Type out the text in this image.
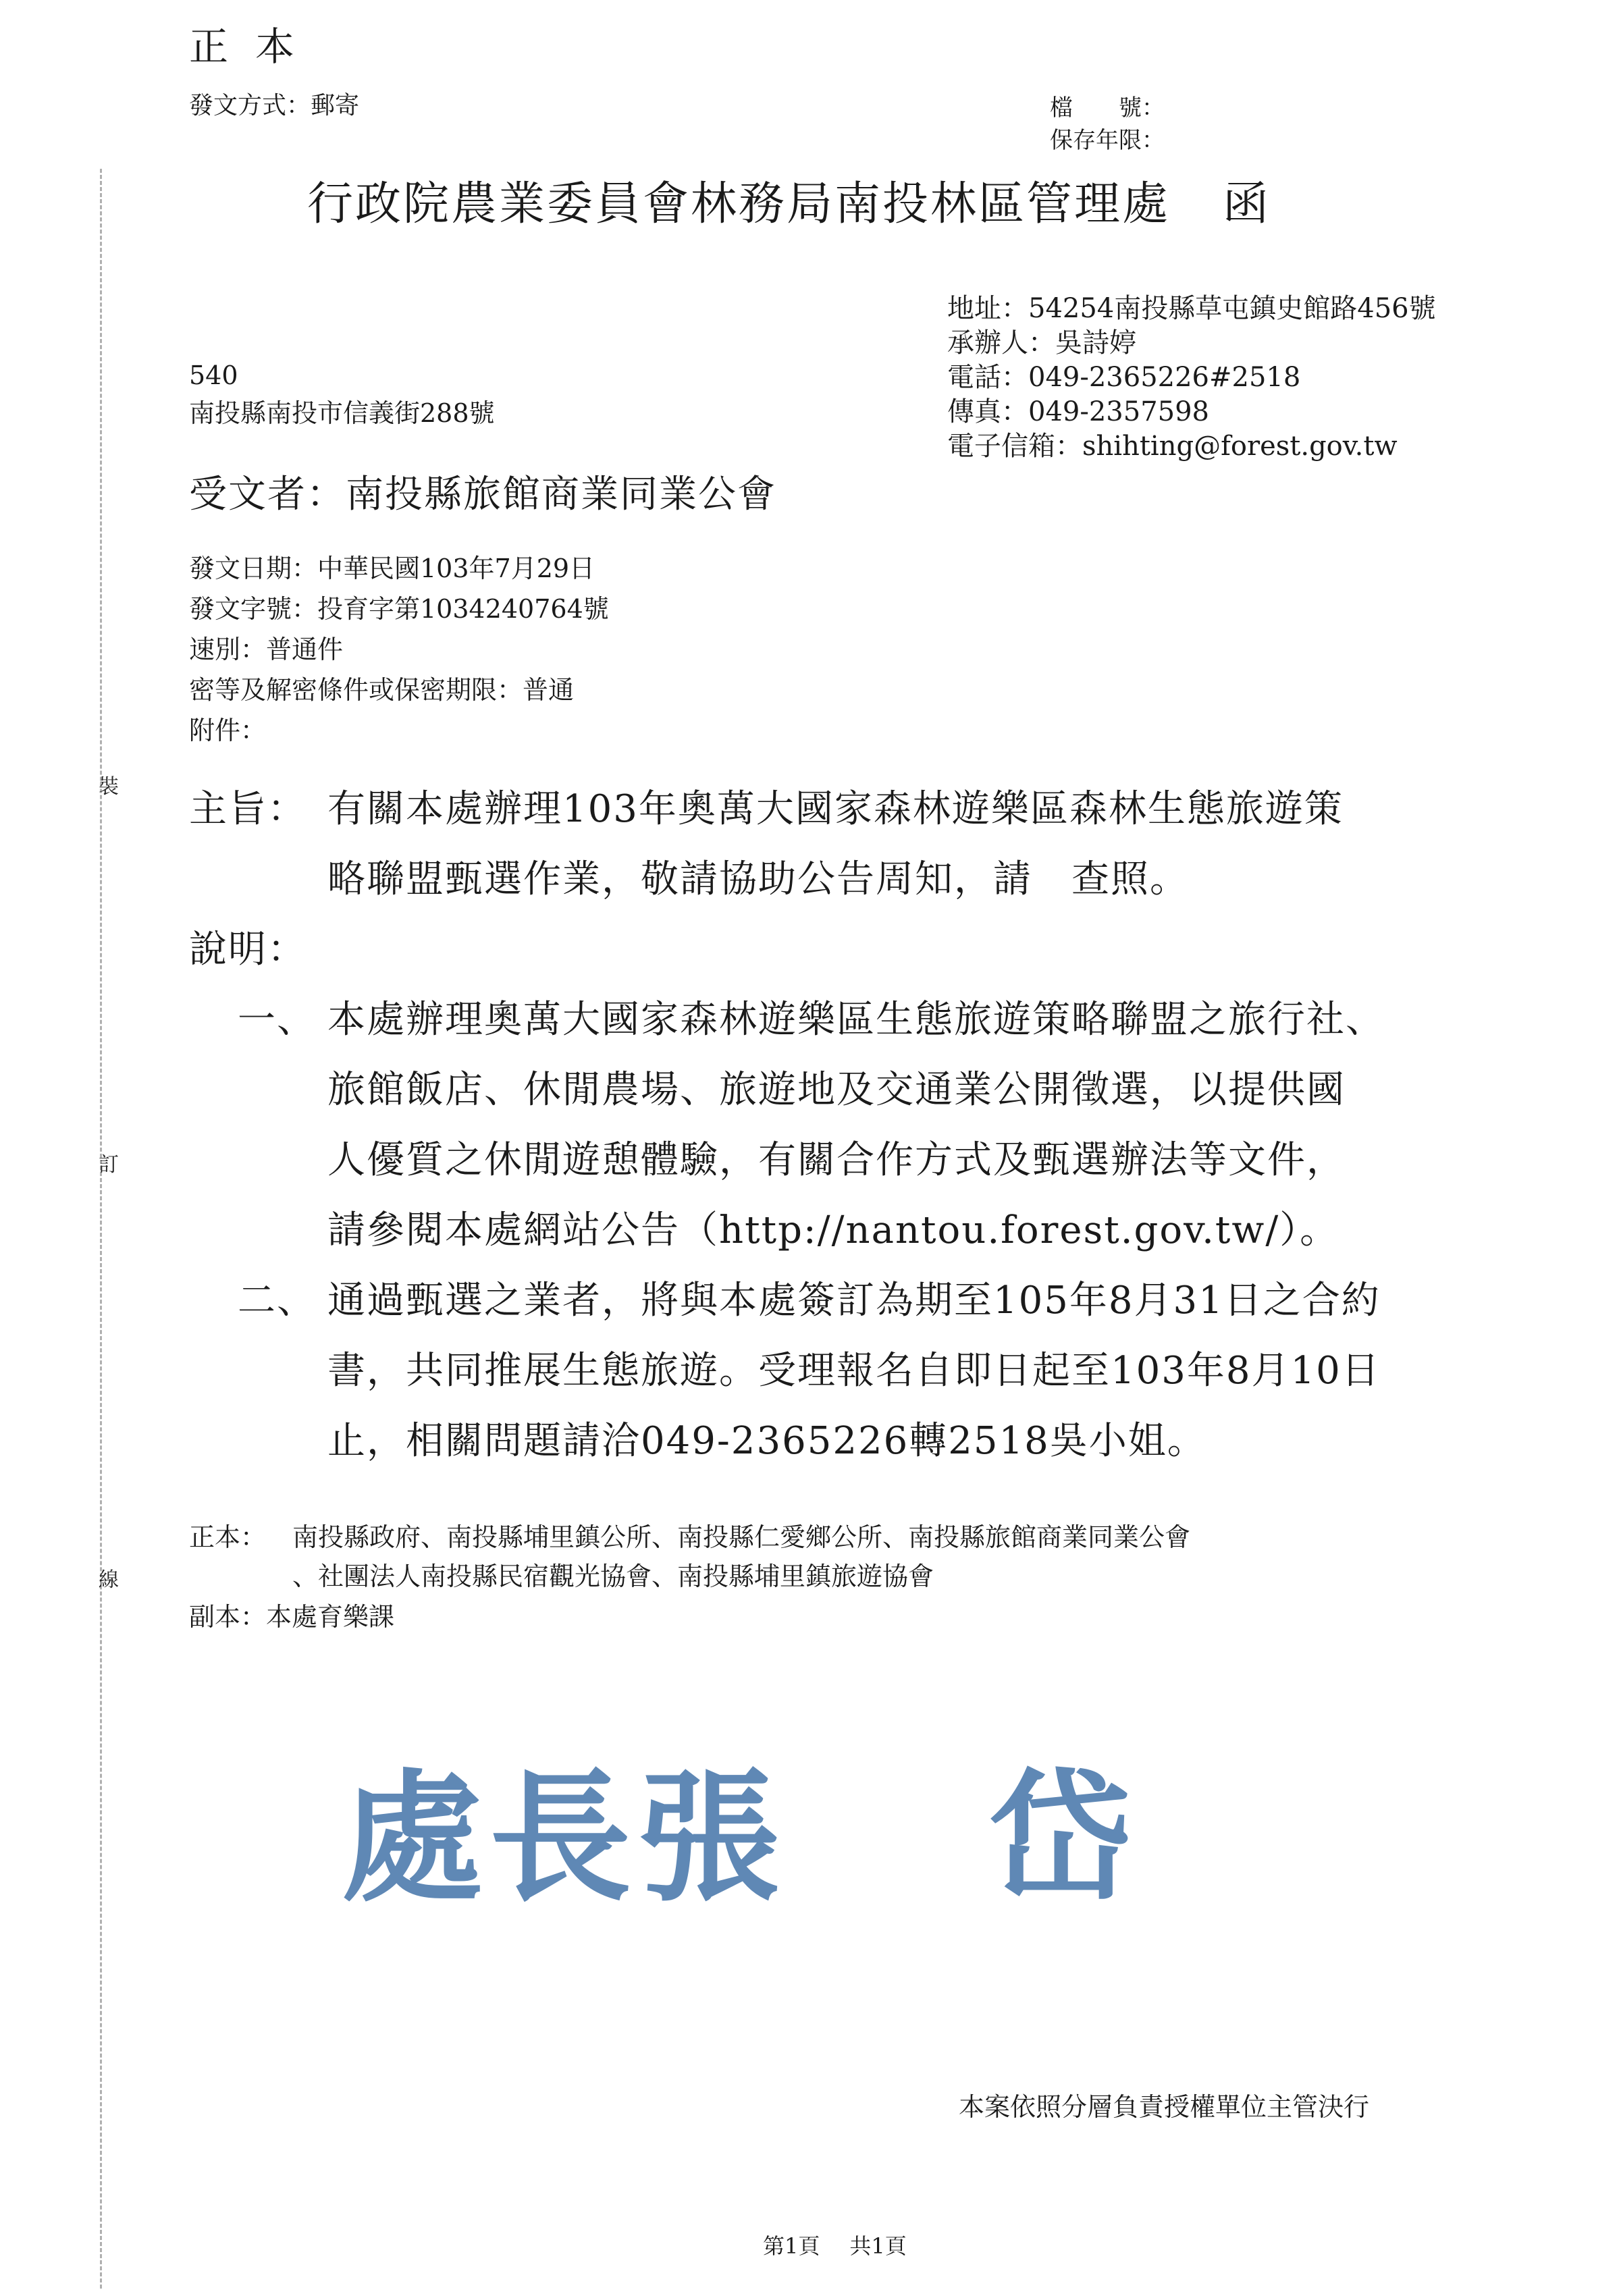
正本
發文方式：郵寄	檔　　號：
保存年限：
裝
訂
線
行政院農業委員會林務局南投林區管理處 函
地址：54254南投縣草屯鎮史館路456號
承辦人：吳詩婷
電話：049-2365226#2518
傳真：049-2357598
電子信箱：shihting@forest.gov.tw
540
南投縣南投市信義街288號
受文者：南投縣旅館商業同業公會
發文日期：中華民國103年7月29日
發文字號：投育字第1034240764號
速別：普通件
密等及解密條件或保密期限：普通
附件：
主旨： 有關本處辦理103年奧萬大國家森林遊樂區森林生態旅遊策
略聯盟甄選作業，敬請協助公告周知，請　查照。
說明：
一、 本處辦理奧萬大國家森林遊樂區生態旅遊策略聯盟之旅行社、
旅館飯店、休閒農場、旅遊地及交通業公開徵選，以提供國
人優質之休閒遊憩體驗，有關合作方式及甄選辦法等文件，
請參閱本處網站公告（http://nantou.forest.gov.tw/）。
二、 通過甄選之業者，將與本處簽訂為期至105年8月31日之合約
書，共同推展生態旅遊。受理報名自即日起至103年8月10日
止，相關問題請洽049-2365226轉2518吳小姐。
正本： 南投縣政府、南投縣埔里鎮公所、南投縣仁愛鄉公所、南投縣旅館商業同業公會
、社團法人南投縣民宿觀光協會、南投縣埔里鎮旅遊協會
副本：本處育樂課
處長張 岱
本案依照分層負責授權單位主管決行
第1頁 共1頁
